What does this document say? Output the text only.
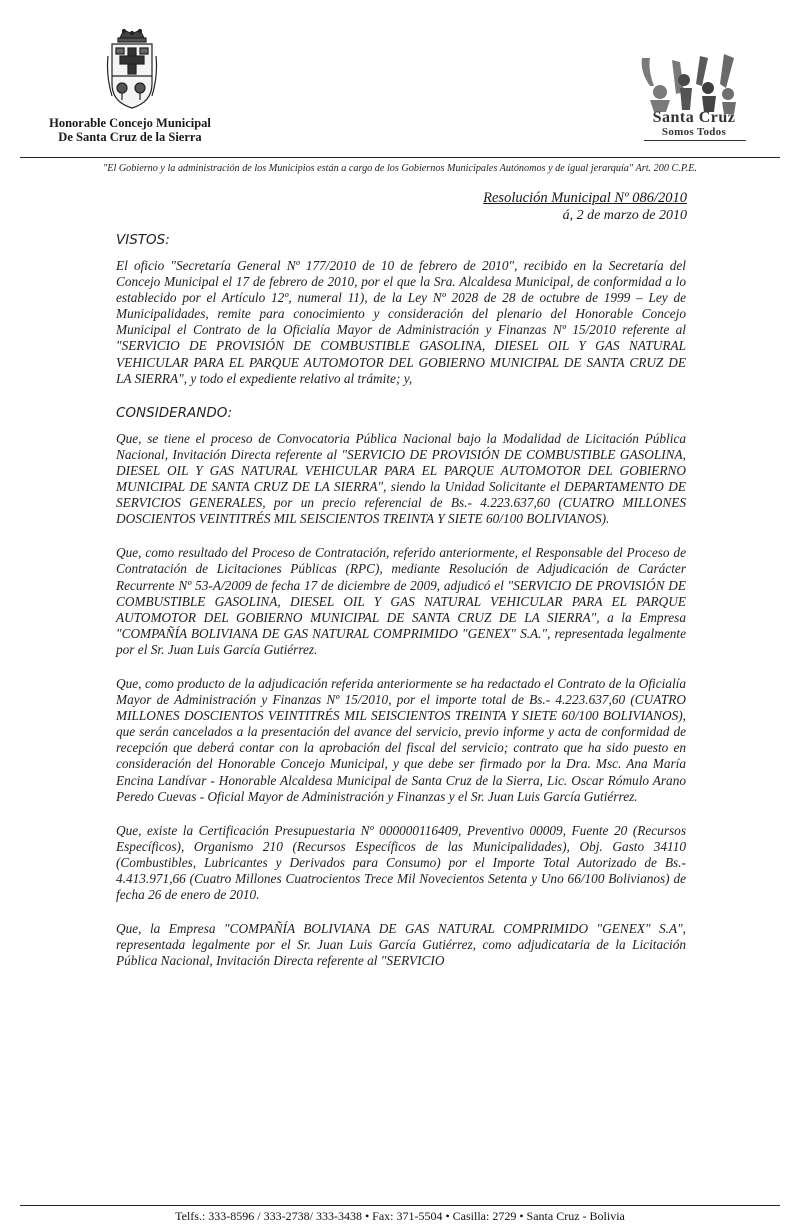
Honorable Concejo Municipal
De Santa Cruz de la Sierra
Santa Cruz
Somos Todos
"El Gobierno y la administración de los Municipios están a cargo de los Gobiernos Municipales Autónomos y de igual jerarquía" Art. 200 C.P.E.
Resolución Municipal Nº 086/2010
á, 2 de marzo de 2010
VISTOS:

El oficio "Secretaría General Nº 177/2010 de 10 de febrero de 2010", recibido en la Secretaría del Concejo Municipal el 17 de febrero de 2010, por el que la Sra. Alcaldesa Municipal, de conformidad a lo establecido por el Artículo 12º, numeral 11), de la Ley Nº 2028 de 28 de octubre de 1999 – Ley de Municipalidades, remite para conocimiento y consideración del plenario del Honorable Concejo Municipal el Contrato de la Oficialía Mayor de Administración y Finanzas Nº 15/2010 referente al "SERVICIO DE PROVISIÓN DE COMBUSTIBLE GASOLINA, DIESEL OIL Y GAS NATURAL VEHICULAR PARA EL PARQUE AUTOMOTOR DEL GOBIERNO MUNICIPAL DE SANTA CRUZ DE LA SIERRA", y todo el expediente relativo al trámite; y,

CONSIDERANDO:

Que, se tiene el proceso de Convocatoria Pública Nacional bajo la Modalidad de Licitación Pública Nacional, Invitación Directa referente al "SERVICIO DE PROVISIÓN DE COMBUSTIBLE GASOLINA, DIESEL OIL Y GAS NATURAL VEHICULAR PARA EL PARQUE AUTOMOTOR DEL GOBIERNO MUNICIPAL DE SANTA CRUZ DE LA SIERRA", siendo la Unidad Solicitante el DEPARTAMENTO DE SERVICIOS GENERALES, por un precio referencial de Bs.- 4.223.637,60 (CUATRO MILLONES DOSCIENTOS VEINTITRÉS MIL SEISCIENTOS TREINTA Y SIETE 60/100 BOLIVIANOS).

Que, como resultado del Proceso de Contratación, referido anteriormente, el Responsable del Proceso de Contratación de Licitaciones Públicas (RPC), mediante Resolución de Adjudicación de Carácter Recurrente Nº 53-A/2009 de fecha 17 de diciembre de 2009, adjudicó el "SERVICIO DE PROVISIÓN DE COMBUSTIBLE GASOLINA, DIESEL OIL Y GAS NATURAL VEHICULAR PARA EL PARQUE AUTOMOTOR DEL GOBIERNO MUNICIPAL DE SANTA CRUZ DE LA SIERRA", a la Empresa "COMPAÑÍA BOLIVIANA DE GAS NATURAL COMPRIMIDO "GENEX" S.A.", representada legalmente por el Sr. Juan Luis García Gutiérrez.

Que, como producto de la adjudicación referida anteriormente se ha redactado el Contrato de la Oficialía Mayor de Administración y Finanzas Nº 15/2010, por el importe total de Bs.- 4.223.637,60 (CUATRO MILLONES DOSCIENTOS VEINTITRÉS MIL SEISCIENTOS TREINTA Y SIETE 60/100 BOLIVIANOS), que serán cancelados a la presentación del avance del servicio, previo informe y acta de conformidad de recepción que deberá contar con la aprobación del fiscal del servicio; contrato que ha sido puesto en consideración del Honorable Concejo Municipal, y que debe ser firmado por la Dra. Msc. Ana María Encina Landívar - Honorable Alcaldesa Municipal de Santa Cruz de la Sierra, Lic. Oscar Rómulo Arano Peredo Cuevas - Oficial Mayor de Administración y Finanzas y el Sr. Juan Luis García Gutiérrez.

Que, existe la Certificación Presupuestaria Nº 000000116409, Preventivo 00009, Fuente 20 (Recursos Específicos), Organismo 210 (Recursos Específicos de las Municipalidades), Obj. Gasto 34110 (Combustibles, Lubricantes y Derivados para Consumo) por el Importe Total Autorizado de Bs.- 4.413.971,66 (Cuatro Millones Cuatrocientos Trece Mil Novecientos Setenta y Uno 66/100 Bolivianos) de fecha 26 de enero de 2010.

Que, la Empresa "COMPAÑÍA BOLIVIANA DE GAS NATURAL COMPRIMIDO "GENEX" S.A", representada legalmente por el Sr. Juan Luis García Gutiérrez, como adjudicataria de la Licitación Pública Nacional, Invitación Directa referente al "SERVICIO

Telfs.: 333-8596 / 333-2738/ 333-3438 • Fax: 371-5504 • Casilla: 2729 • Santa Cruz - Bolivia
